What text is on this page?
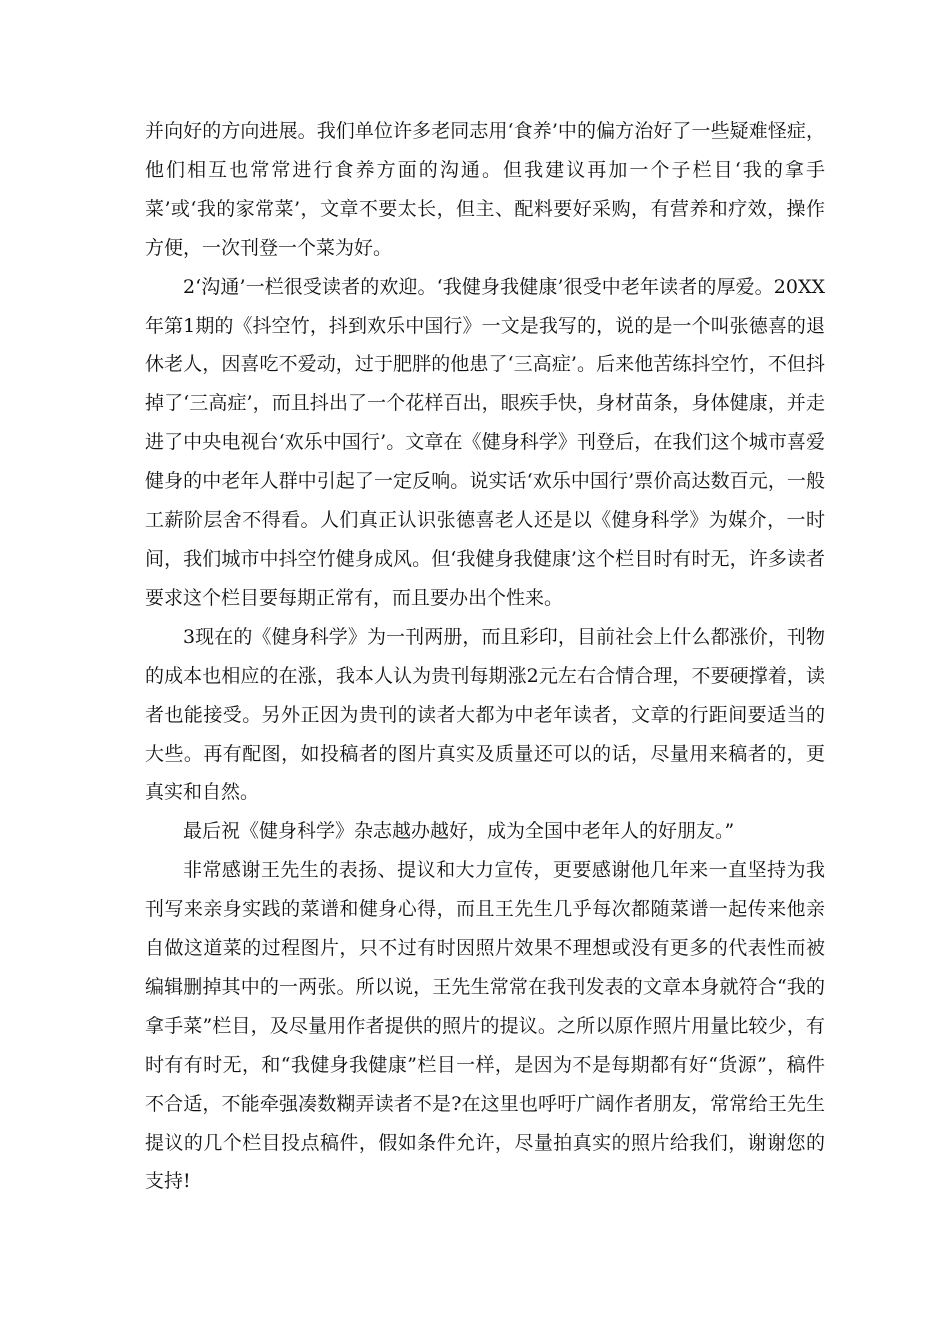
并向好的方向进展。我们单位许多老同志用‘食养’中的偏方治好了一些疑难怪症，他们相互也常常进行食养方面的沟通。但我建议再加一个子栏目‘我的拿手菜’或‘我的家常菜’，文章不要太长，但主、配料要好采购，有营养和疗效，操作方便，一次刊登一个菜为好。

2‘沟通’一栏很受读者的欢迎。‘我健身我健康’很受中老年读者的厚爱。20XX年第1期的《抖空竹，抖到欢乐中国行》一文是我写的，说的是一个叫张德喜的退休老人，因喜吃不爱动，过于肥胖的他患了‘三高症’。后来他苦练抖空竹，不但抖掉了‘三高症’，而且抖出了一个花样百出，眼疾手快，身材苗条，身体健康，并走进了中央电视台‘欢乐中国行’。文章在《健身科学》刊登后，在我们这个城市喜爱健身的中老年人群中引起了一定反响。说实话‘欢乐中国行’票价高达数百元，一般工薪阶层舍不得看。人们真正认识张德喜老人还是以《健身科学》为媒介，一时间，我们城市中抖空竹健身成风。但‘我健身我健康’这个栏目时有时无，许多读者要求这个栏目要每期正常有，而且要办出个性来。

3现在的《健身科学》为一刊两册，而且彩印，目前社会上什么都涨价，刊物的成本也相应的在涨，我本人认为贵刊每期涨2元左右合情合理，不要硬撑着，读者也能接受。另外正因为贵刊的读者大都为中老年读者，文章的行距间要适当的大些。再有配图，如投稿者的图片真实及质量还可以的话，尽量用来稿者的，更真实和自然。

最后祝《健身科学》杂志越办越好，成为全国中老年人的好朋友。”

非常感谢王先生的表扬、提议和大力宣传，更要感谢他几年来一直坚持为我刊写来亲身实践的菜谱和健身心得，而且王先生几乎每次都随菜谱一起传来他亲自做这道菜的过程图片，只不过有时因照片效果不理想或没有更多的代表性而被编辑删掉其中的一两张。所以说，王先生常常在我刊发表的文章本身就符合“我的拿手菜”栏目，及尽量用作者提供的照片的提议。之所以原作照片用量比较少，有时有有时无，和“我健身我健康”栏目一样，是因为不是每期都有好“货源”，稿件不合适，不能牵强凑数糊弄读者不是?在这里也呼吁广阔作者朋友，常常给王先生提议的几个栏目投点稿件，假如条件允许，尽量拍真实的照片给我们，谢谢您的支持!
